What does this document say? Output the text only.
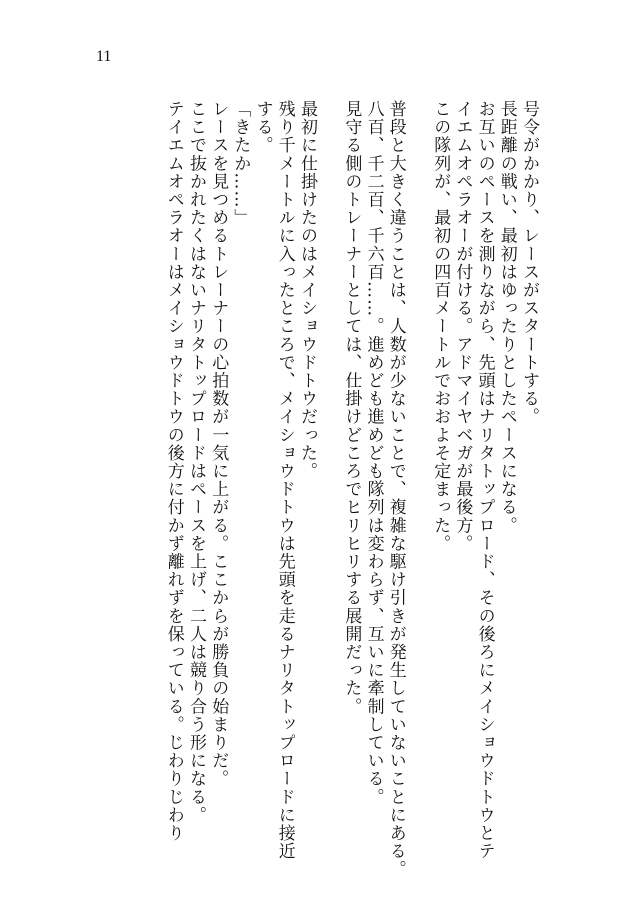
11
号令がかかり、レースがスタートする。
長距離の戦い、最初はゆったりとしたペースになる。
お互いのペースを測りながら、先頭はナリタトップロード、その後ろにメイショウドトウとテ
イエムオペラオーが付ける。アドマイヤベガが最後方。
この隊列が、最初の四百メートルでおおよそ定まった。
普段と大きく違うことは、人数が少ないことで、複雑な駆け引きが発生していないことにある。
八百、千二百、千六百……。進めども進めども隊列は変わらず、互いに牽制している。
見守る側のトレーナーとしては、仕掛けどころでヒリヒリする展開だった。
最初に仕掛けたのはメイショウドトウだった。
残り千メートルに入ったところで、メイショウドトウは先頭を走るナリタトップロードに接近
する。
「きたか……」
レースを見つめるトレーナーの心拍数が一気に上がる。ここからが勝負の始まりだ。
ここで抜かれたくはないナリタトップロードはペースを上げ、二人は競り合う形になる。
テイエムオペラオーはメイショウドトウの後方に付かず離れずを保っている。じわりじわり
